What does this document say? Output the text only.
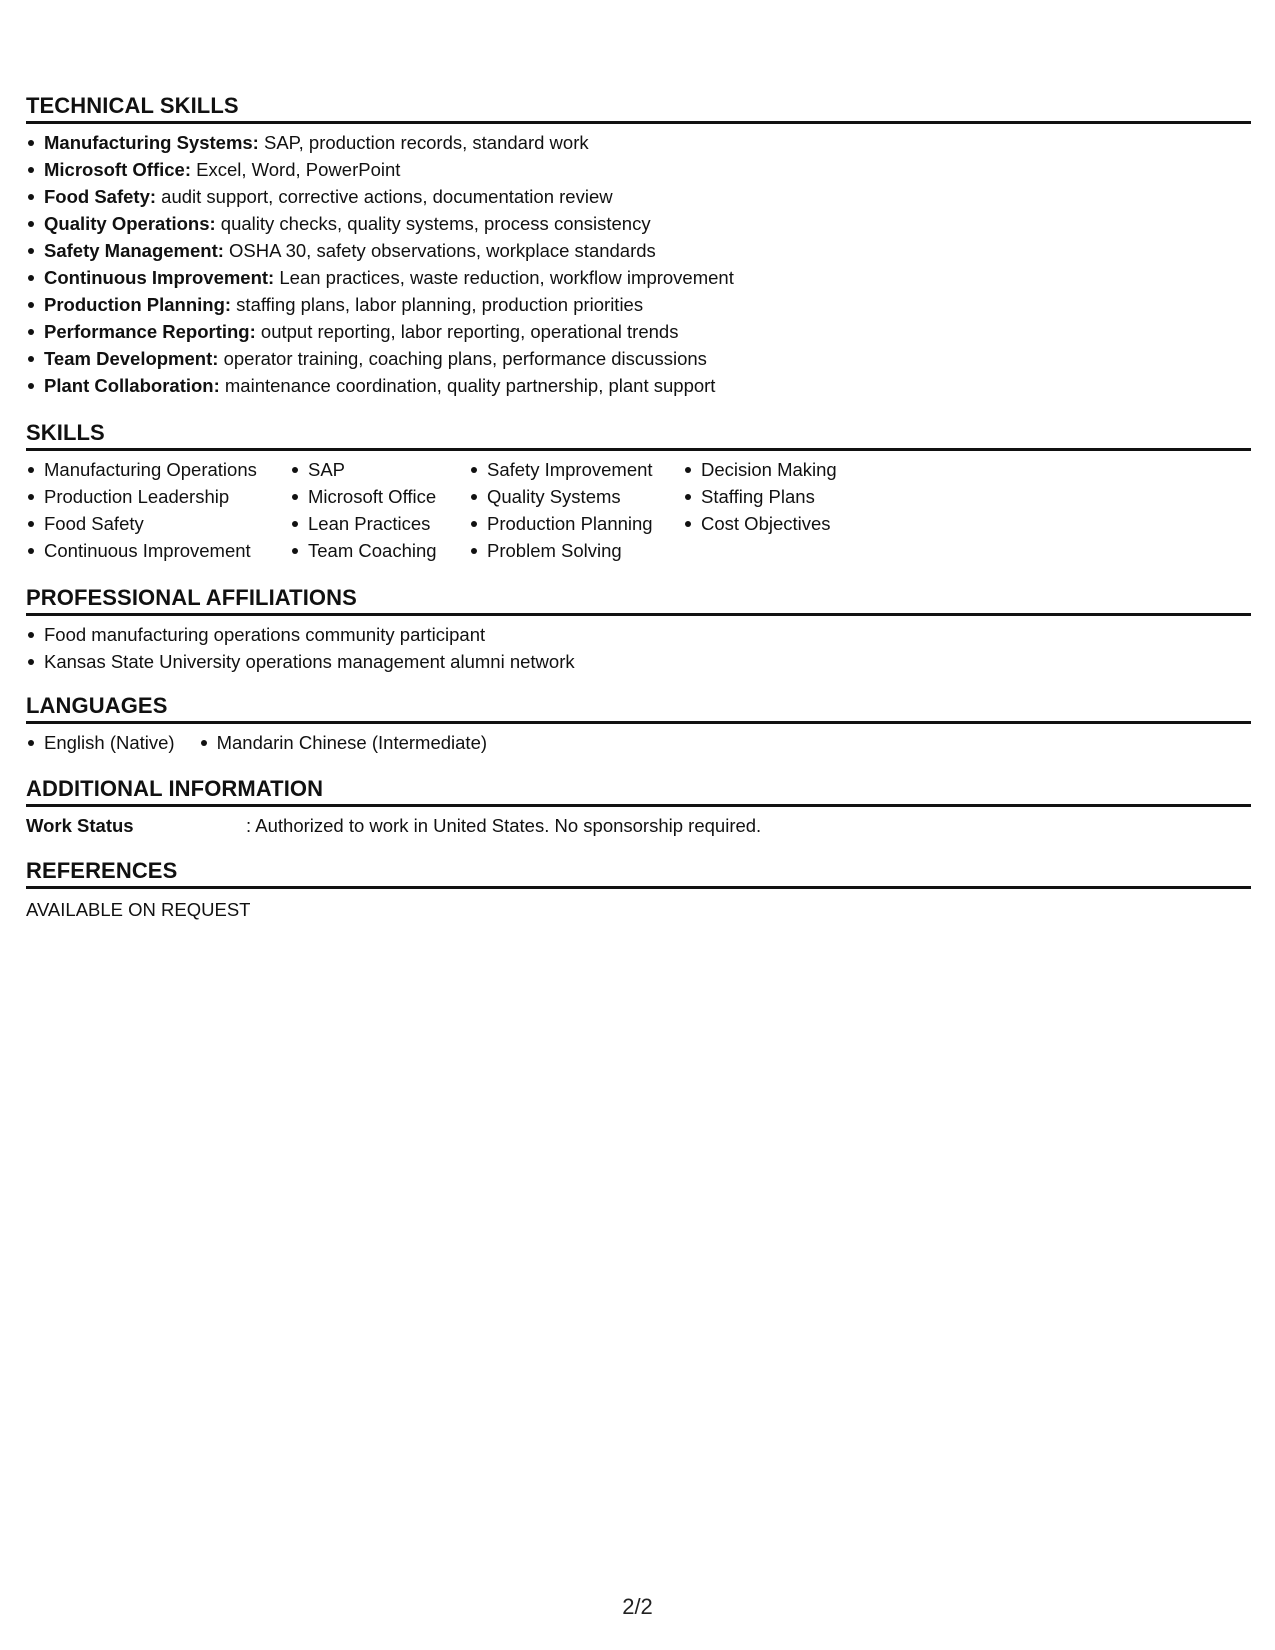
TECHNICAL SKILLS
Manufacturing Systems: SAP, production records, standard work
Microsoft Office: Excel, Word, PowerPoint
Food Safety: audit support, corrective actions, documentation review
Quality Operations: quality checks, quality systems, process consistency
Safety Management: OSHA 30, safety observations, workplace standards
Continuous Improvement: Lean practices, waste reduction, workflow improvement
Production Planning: staffing plans, labor planning, production priorities
Performance Reporting: output reporting, labor reporting, operational trends
Team Development: operator training, coaching plans, performance discussions
Plant Collaboration: maintenance coordination, quality partnership, plant support
SKILLS
Manufacturing Operations
Production Leadership
Food Safety
Continuous Improvement
SAP
Microsoft Office
Lean Practices
Team Coaching
Safety Improvement
Quality Systems
Production Planning
Problem Solving
Decision Making
Staffing Plans
Cost Objectives
PROFESSIONAL AFFILIATIONS
Food manufacturing operations community participant
Kansas State University operations management alumni network
LANGUAGES
English (Native)	Mandarin Chinese (Intermediate)
ADDITIONAL INFORMATION
Work Status	: Authorized to work in United States. No sponsorship required.
REFERENCES

AVAILABLE ON REQUEST

2/2
